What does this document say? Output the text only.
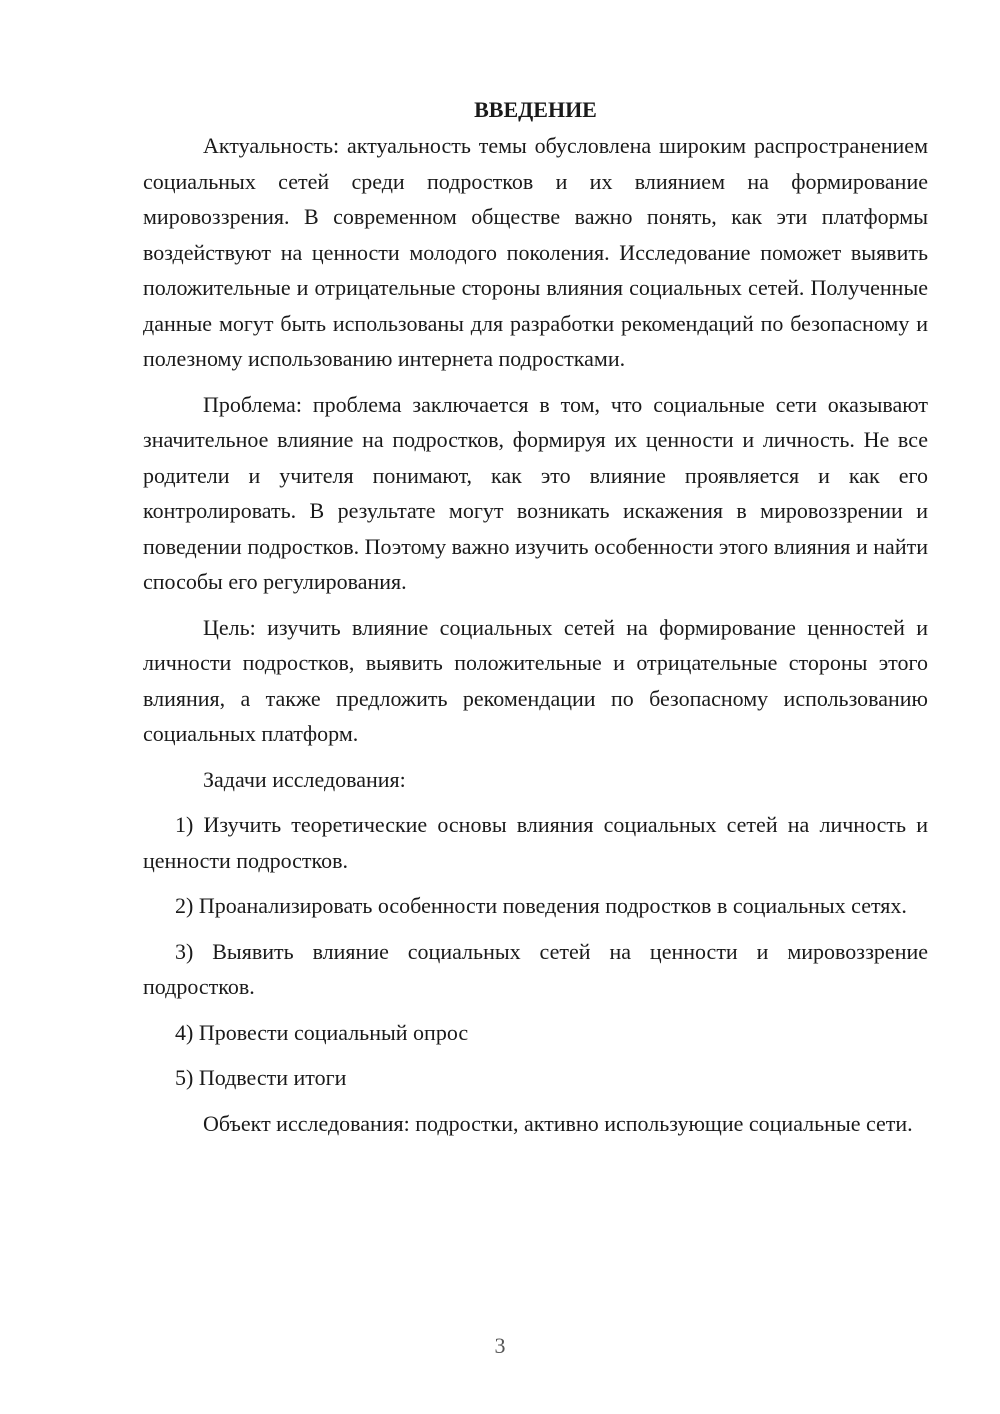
ВВЕДЕНИЕ

Актуальность: актуальность темы обусловлена широким распространением социальных сетей среди подростков и их влиянием на формирование мировоззрения. В современном обществе важно понять, как эти платформы воздействуют на ценности молодого поколения. Исследование поможет выявить положительные и отрицательные стороны влияния социальных сетей. Полученные данные могут быть использованы для разработки рекомендаций по безопасному и полезному использованию интернета подростками.

Проблема: проблема заключается в том, что социальные сети оказывают значительное влияние на подростков, формируя их ценности и личность. Не все родители и учителя понимают, как это влияние проявляется и как его контролировать. В результате могут возникать искажения в мировоззрении и поведении подростков. Поэтому важно изучить особенности этого влияния и найти способы его регулирования.

Цель: изучить влияние социальных сетей на формирование ценностей и личности подростков, выявить положительные и отрицательные стороны этого влияния, а также предложить рекомендации по безопасному использованию социальных платформ.

Задачи исследования:

1) Изучить теоретические основы влияния социальных сетей на личность и ценности подростков.

2) Проанализировать особенности поведения подростков в социальных сетях.

3) Выявить влияние социальных сетей на ценности и мировоззрение подростков.

4) Провести социальный опрос

5) Подвести итоги

Объект исследования: подростки, активно использующие социальные сети.

3
